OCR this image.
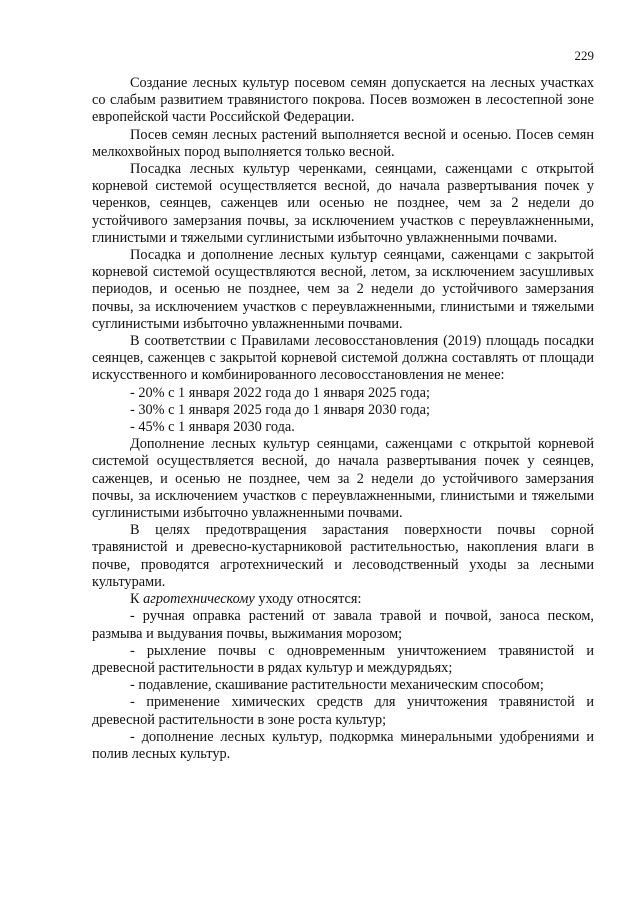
229

Создание лесных культур посевом семян допускается на лесных участках со слабым развитием травянистого покрова. Посев возможен в лесостепной зоне европейской части Российской Федерации.

Посев семян лесных растений выполняется весной и осенью. Посев семян мелкохвойных пород выполняется только весной.

Посадка лесных культур черенками, сеянцами, саженцами с открытой корневой системой осуществляется весной, до начала развертывания почек у черенков, сеянцев, саженцев или осенью не позднее, чем за 2 недели до устойчивого замерзания почвы, за исключением участков с переувлажненными, глинистыми и тяжелыми суглинистыми избыточно увлажненными почвами.

Посадка и дополнение лесных культур сеянцами, саженцами с закрытой корневой системой осуществляются весной, летом, за исключением засушливых периодов, и осенью не позднее, чем за 2 недели до устойчивого замерзания почвы, за исключением участков с переувлажненными, глинистыми и тяжелыми суглинистыми избыточно увлажненными почвами.

В соответствии с Правилами лесовосстановления (2019) площадь посадки сеянцев, саженцев с закрытой корневой системой должна составлять от площади искусственного и комбинированного лесовосстановления не менее:

- 20% с 1 января 2022 года до 1 января 2025 года;

- 30% с 1 января 2025 года до 1 января 2030 года;

- 45% с 1 января 2030 года.

Дополнение лесных культур сеянцами, саженцами с открытой корневой системой осуществляется весной, до начала развертывания почек у сеянцев, саженцев, и осенью не позднее, чем за 2 недели до устойчивого замерзания почвы, за исключением участков с переувлажненными, глинистыми и тяжелыми суглинистыми избыточно увлажненными почвами.

В целях предотвращения зарастания поверхности почвы сорной травянистой и древесно-кустарниковой растительностью, накопления влаги в почве, проводятся агротехнический и лесоводственный уходы за лесными культурами.

К агротехническому уходу относятся:

- ручная оправка растений от завала травой и почвой, заноса песком, размыва и выдувания почвы, выжимания морозом;

- рыхление почвы с одновременным уничтожением травянистой и древесной растительности в рядах культур и междурядьях;

- подавление, скашивание растительности механическим способом;

- применение химических средств для уничтожения травянистой и древесной растительности в зоне роста культур;

- дополнение лесных культур, подкормка минеральными удобрениями и полив лесных культур.
